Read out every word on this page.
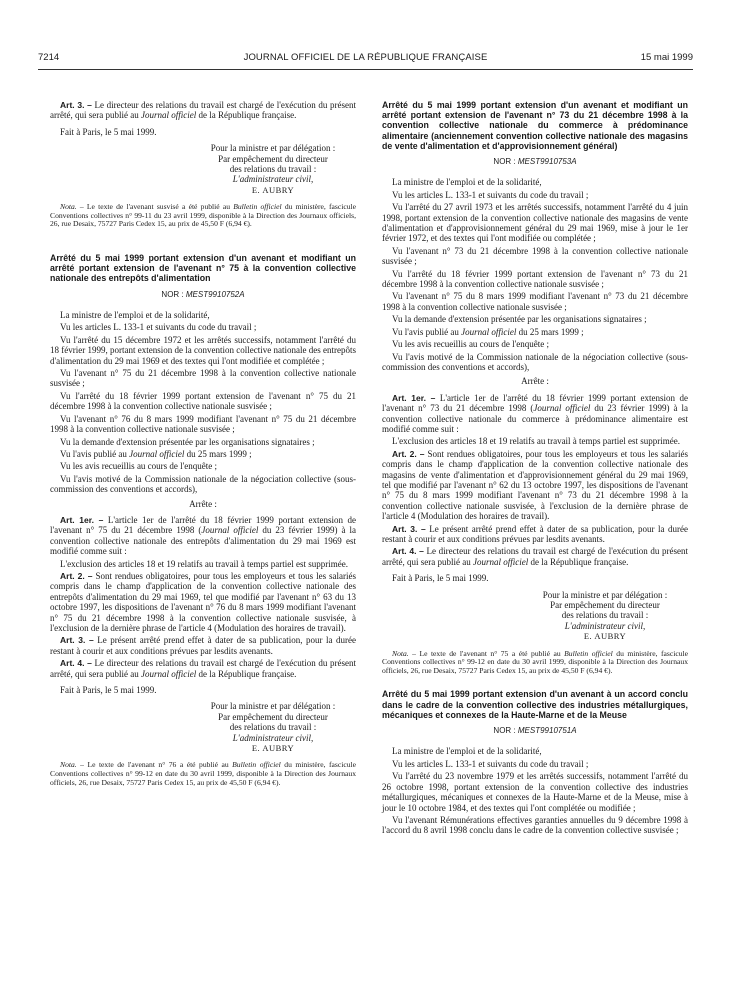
7214	JOURNAL OFFICIEL DE LA RÉPUBLIQUE FRANÇAISE	15 mai 1999

Art. 3. – Le directeur des relations du travail est chargé de l'exécution du présent arrêté, qui sera publié au Journal officiel de la République française.

Fait à Paris, le 5 mai 1999.

Pour la ministre et par délégation :
Par empêchement du directeur
des relations du travail :
L'administrateur civil,
E. AUBRY

Nota. – Le texte de l'avenant susvisé a été publié au Bulletin officiel du ministère, fascicule Conventions collectives n° 99-11 du 23 avril 1999, disponible à la Direction des Journaux officiels, 26, rue Desaix, 75727 Paris Cedex 15, au prix de 45,50 F (6,94 €).

Arrêté du 5 mai 1999 portant extension d'un avenant et modifiant un arrêté portant extension de l'avenant n° 75 à la convention collective nationale des entrepôts d'alimentation

NOR : MESТ9910752A

La ministre de l'emploi et de la solidarité,

Vu les articles L. 133-1 et suivants du code du travail ;

Vu l'arrêté du 15 décembre 1972 et les arrêtés successifs, notamment l'arrêté du 18 février 1999, portant extension de la convention collective nationale des entrepôts d'alimentation du 29 mai 1969 et des textes qui l'ont modifiée et complétée ;

Vu l'avenant n° 75 du 21 décembre 1998 à la convention collective nationale susvisée ;

Vu l'arrêté du 18 février 1999 portant extension de l'avenant n° 75 du 21 décembre 1998 à la convention collective nationale susvisée ;

Vu l'avenant n° 76 du 8 mars 1999 modifiant l'avenant n° 75 du 21 décembre 1998 à la convention collective nationale susvisée ;

Vu la demande d'extension présentée par les organisations signataires ;

Vu l'avis publié au Journal officiel du 25 mars 1999 ;

Vu les avis recueillis au cours de l'enquête ;

Vu l'avis motivé de la Commission nationale de la négociation collective (sous-commission des conventions et accords),

Arrête :

Art. 1er. – L'article 1er de l'arrêté du 18 février 1999 portant extension de l'avenant n° 75 du 21 décembre 1998 (Journal officiel du 23 février 1999) à la convention collective nationale des entrepôts d'alimentation du 29 mai 1969 est modifié comme suit :

L'exclusion des articles 18 et 19 relatifs au travail à temps partiel est supprimée.

Art. 2. – Sont rendues obligatoires, pour tous les employeurs et tous les salariés compris dans le champ d'application de la convention collective nationale des entrepôts d'alimentation du 29 mai 1969, tel que modifié par l'avenant n° 63 du 13 octobre 1997, les dispositions de l'avenant n° 76 du 8 mars 1999 modifiant l'avenant n° 75 du 21 décembre 1998 à la convention collective nationale susvisée, à l'exclusion de la dernière phrase de l'article 4 (Modulation des horaires de travail).

Art. 3. – Le présent arrêté prend effet à dater de sa publication, pour la durée restant à courir et aux conditions prévues par lesdits avenants.

Art. 4. – Le directeur des relations du travail est chargé de l'exécution du présent arrêté, qui sera publié au Journal officiel de la République française.

Fait à Paris, le 5 mai 1999.

Pour la ministre et par délégation :
Par empêchement du directeur
des relations du travail :
L'administrateur civil,
E. AUBRY

Nota. – Le texte de l'avenant n° 76 a été publié au Bulletin officiel du ministère, fascicule Conventions collectives n° 99-12 en date du 30 avril 1999, disponible à la Direction des Journaux officiels, 26, rue Desaix, 75727 Paris Cedex 15, au prix de 45,50 F (6,94 €).

Arrêté du 5 mai 1999 portant extension d'un avenant et modifiant un arrêté portant extension de l'avenant n° 73 du 21 décembre 1998 à la convention collective nationale du commerce à prédominance alimentaire (anciennement convention collective nationale des magasins de vente d'alimentation et d'approvisionnement général)

NOR : MESТ9910753A

La ministre de l'emploi et de la solidarité,

Vu les articles L. 133-1 et suivants du code du travail ;

Vu l'arrêté du 27 avril 1973 et les arrêtés successifs, notamment l'arrêté du 4 juin 1998, portant extension de la convention collective nationale des magasins de vente d'alimentation et d'approvisionnement général du 29 mai 1969, mise à jour le 1er février 1972, et des textes qui l'ont modifiée ou complétée ;

Vu l'avenant n° 73 du 21 décembre 1998 à la convention collective nationale susvisée ;

Vu l'arrêté du 18 février 1999 portant extension de l'avenant n° 73 du 21 décembre 1998 à la convention collective nationale susvisée ;

Vu l'avenant n° 75 du 8 mars 1999 modifiant l'avenant n° 73 du 21 décembre 1998 à la convention collective nationale susvisée ;

Vu la demande d'extension présentée par les organisations signataires ;

Vu l'avis publié au Journal officiel du 25 mars 1999 ;

Vu les avis recueillis au cours de l'enquête ;

Vu l'avis motivé de la Commission nationale de la négociation collective (sous-commission des conventions et accords),

Arrête :

Art. 1er. – L'article 1er de l'arrêté du 18 février 1999 portant extension de l'avenant n° 73 du 21 décembre 1998 (Journal officiel du 23 février 1999) à la convention collective nationale du commerce à prédominance alimentaire est modifié comme suit :

L'exclusion des articles 18 et 19 relatifs au travail à temps partiel est supprimée.

Art. 2. – Sont rendues obligatoires, pour tous les employeurs et tous les salariés compris dans le champ d'application de la convention collective nationale des magasins de vente d'alimentation et d'approvisionnement général du 29 mai 1969, tel que modifié par l'avenant n° 62 du 13 octobre 1997, les dispositions de l'avenant n° 75 du 8 mars 1999 modifiant l'avenant n° 73 du 21 décembre 1998 à la convention collective nationale susvisée, à l'exclusion de la dernière phrase de l'article 4 (Modulation des horaires de travail).

Art. 3. – Le présent arrêté prend effet à dater de sa publication, pour la durée restant à courir et aux conditions prévues par lesdits avenants.

Art. 4. – Le directeur des relations du travail est chargé de l'exécution du présent arrêté, qui sera publié au Journal officiel de la République française.

Fait à Paris, le 5 mai 1999.

Pour la ministre et par délégation :
Par empêchement du directeur
des relations du travail :
L'administrateur civil,
E. AUBRY

Nota. – Le texte de l'avenant n° 75 a été publié au Bulletin officiel du ministère, fascicule Conventions collectives n° 99-12 en date du 30 avril 1999, disponible à la Direction des Journaux officiels, 26, rue Desaix, 75727 Paris Cedex 15, au prix de 45,50 F (6,94 €).

Arrêté du 5 mai 1999 portant extension d'un avenant à un accord conclu dans le cadre de la convention collective des industries métallurgiques, mécaniques et connexes de la Haute-Marne et de la Meuse

NOR : MESТ9910751A

La ministre de l'emploi et de la solidarité,

Vu les articles L. 133-1 et suivants du code du travail ;

Vu l'arrêté du 23 novembre 1979 et les arrêtés successifs, notamment l'arrêté du 26 octobre 1998, portant extension de la convention collective des industries métallurgiques, mécaniques et connexes de la Haute-Marne et de la Meuse, mise à jour le 10 octobre 1984, et des textes qui l'ont complétée ou modifiée ;

Vu l'avenant Rémunérations effectives garanties annuelles du 9 décembre 1998 à l'accord du 8 avril 1998 conclu dans le cadre de la convention collective susvisée ;
